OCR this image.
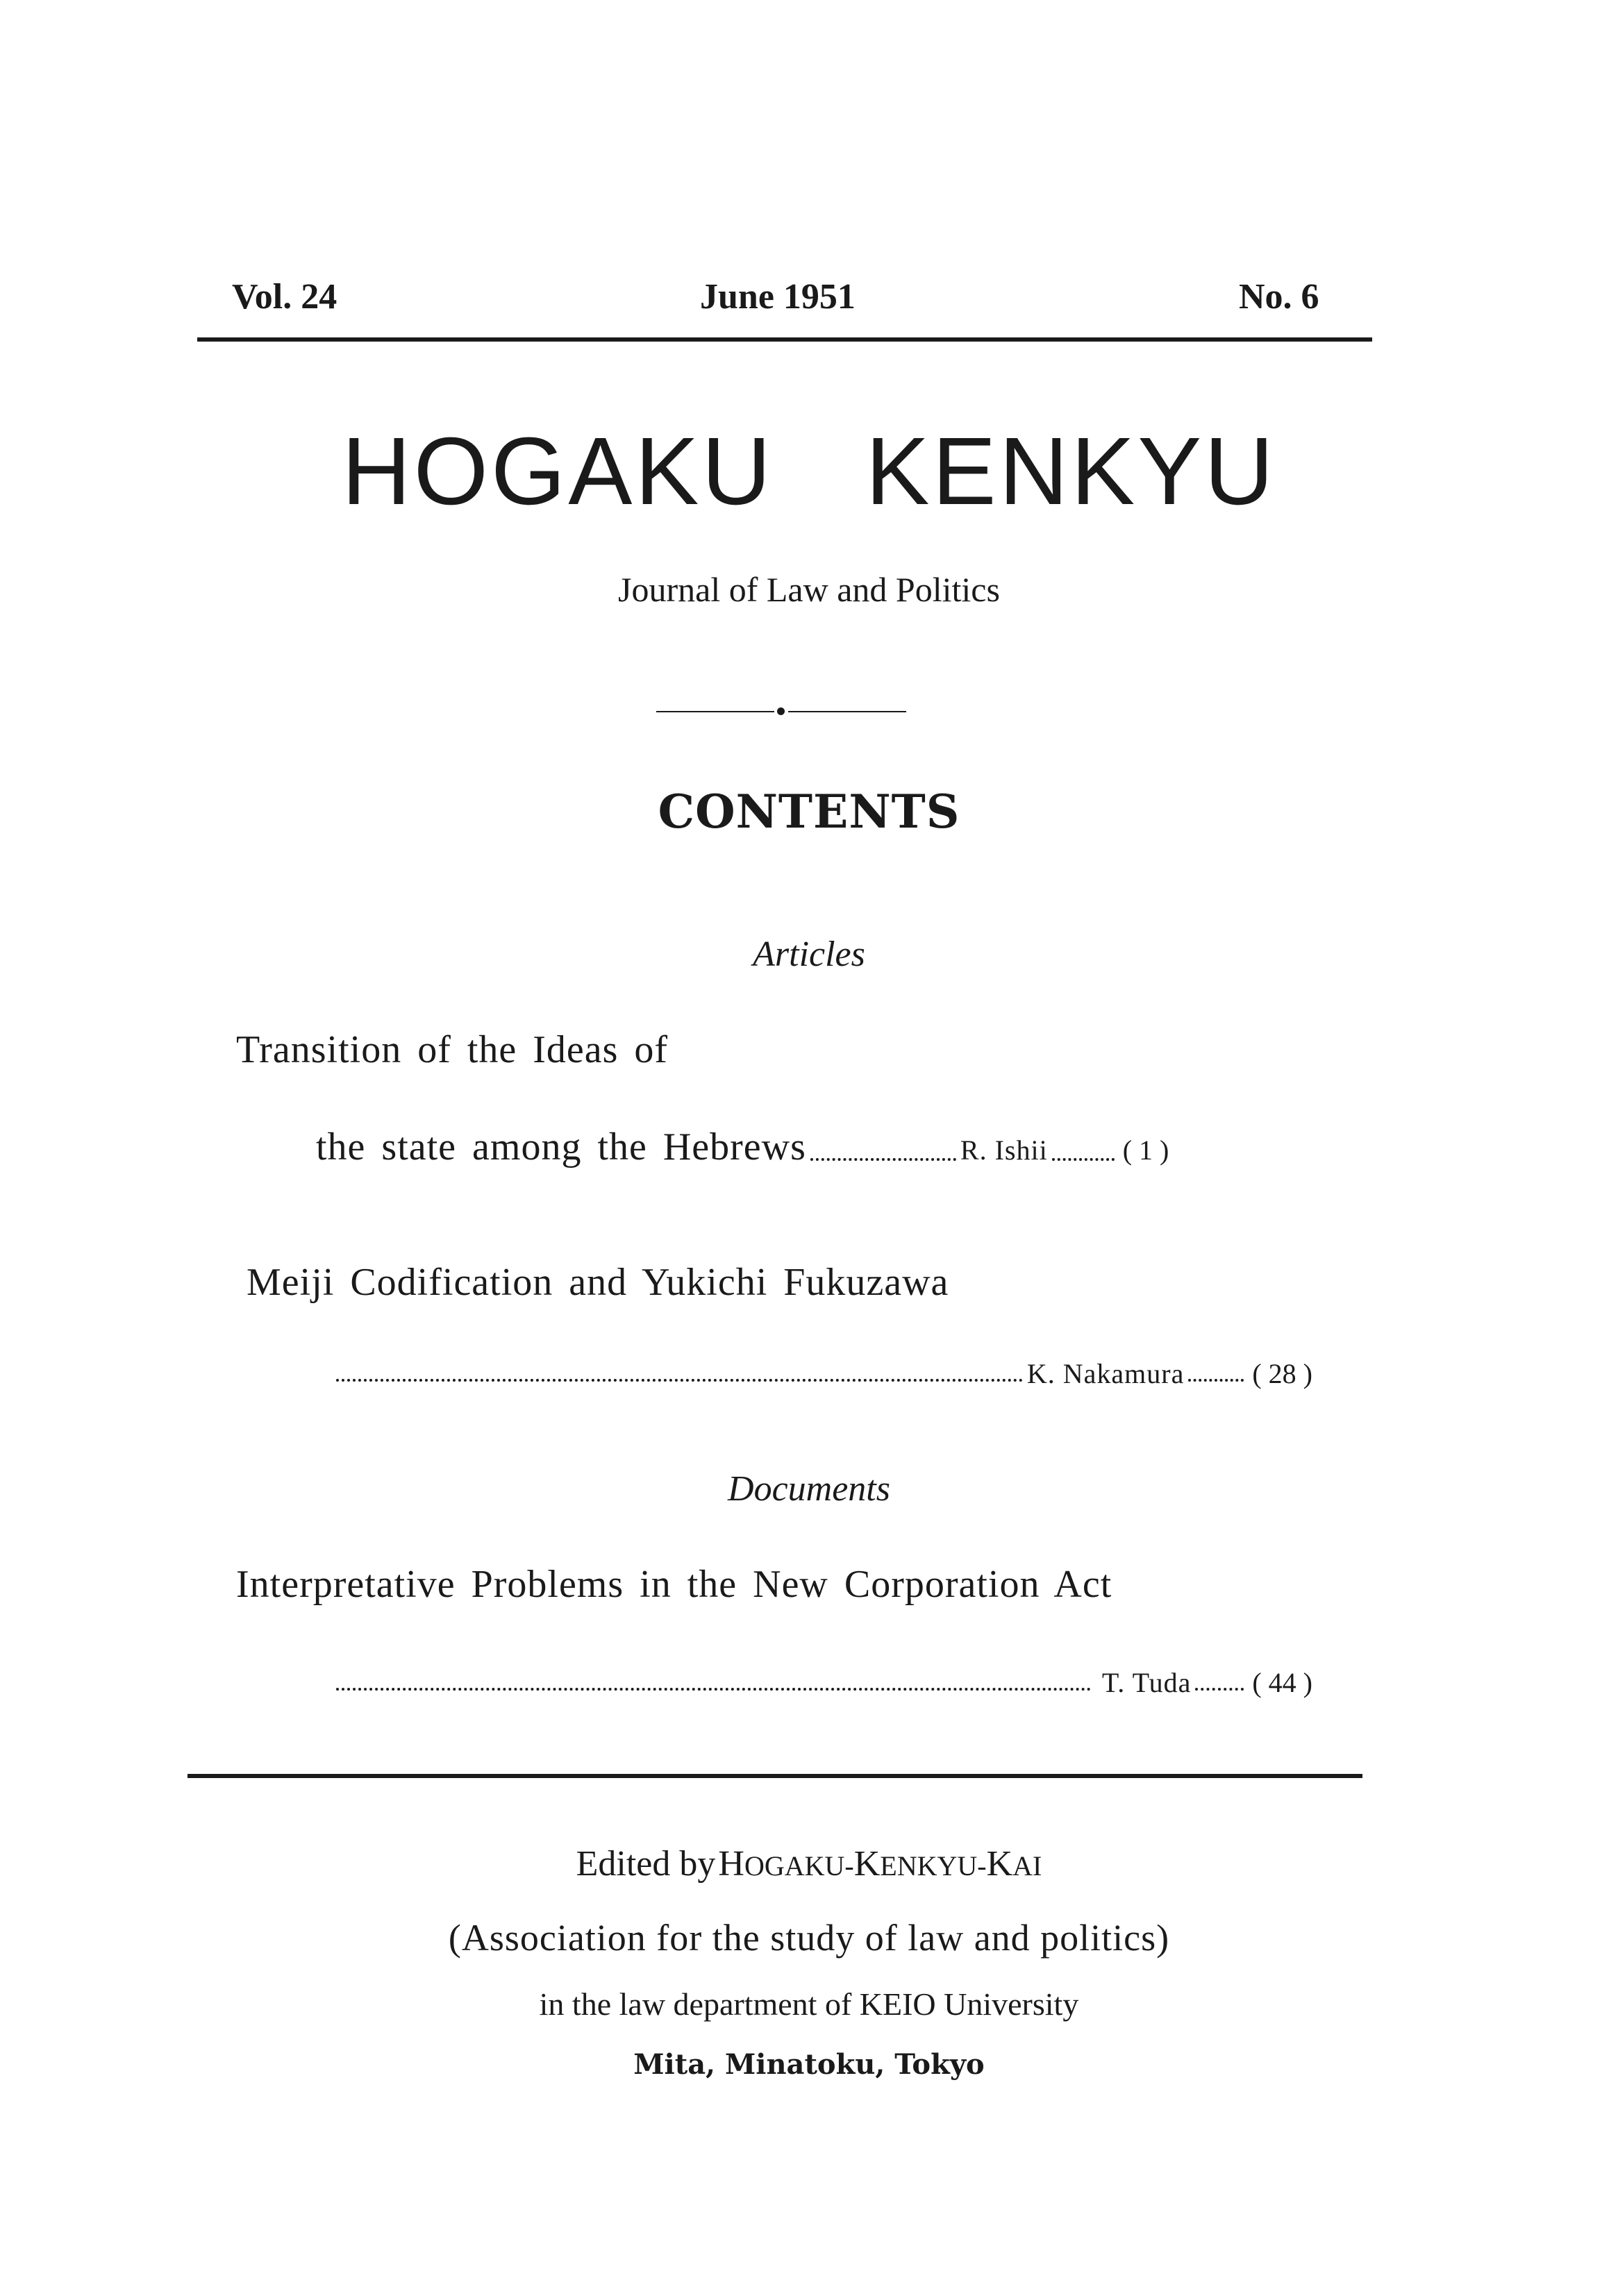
Vol. 24	June 1951	No. 6
HOGAKU KENKYU
Journal of Law and Politics
CONTENTS
Articles
Transition of the Ideas of
the state among the Hebrews	R. Ishii	( 1 )
Meiji Codification and Yukichi Fukuzawa
K. Nakamura ( 28 )
Documents
Interpretative Problems in the New Corporation Act
T. Tuda ( 44 )
Edited by HOGAKU-KENKYU-KAI
(Association for the study of law and politics)
in the law department of KEIO University
Mita, Minatoku, Tokyo
